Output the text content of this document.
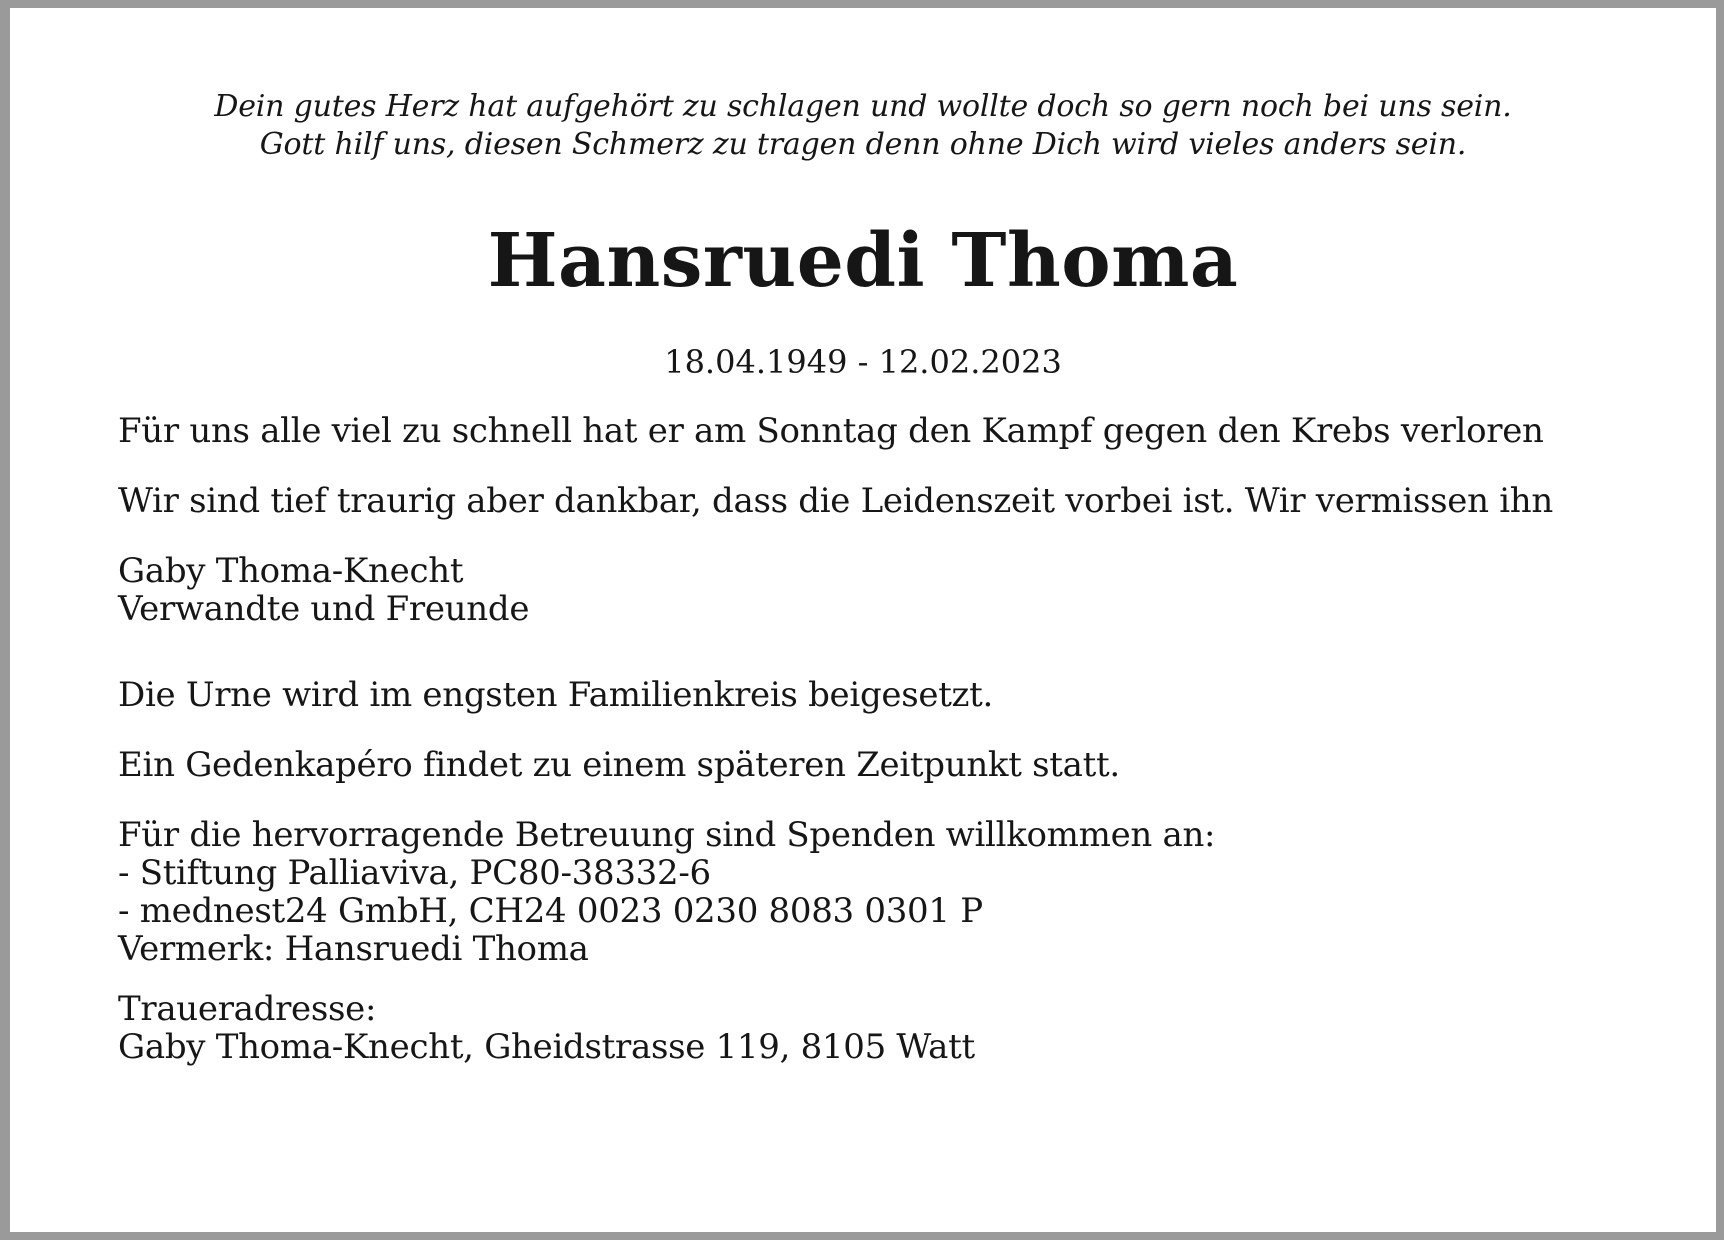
Dein gutes Herz hat aufgehört zu schlagen und wollte doch so gern noch bei uns sein.
Gott hilf uns, diesen Schmerz zu tragen denn ohne Dich wird vieles anders sein.
Hansruedi Thoma
18.04.1949 - 12.02.2023
Für uns alle viel zu schnell hat er am Sonntag den Kampf gegen den Krebs verloren
Wir sind tief traurig aber dankbar, dass die Leidenszeit vorbei ist. Wir vermissen ihn
Gaby Thoma-Knecht
Verwandte und Freunde
Die Urne wird im engsten Familienkreis beigesetzt.
Ein Gedenkapéro findet zu einem späteren Zeitpunkt statt.
Für die hervorragende Betreuung sind Spenden willkommen an:
- Stiftung Palliaviva, PC80-38332-6
- mednest24 GmbH, CH24 0023 0230 8083 0301 P
Vermerk: Hansruedi Thoma
Traueradresse:
Gaby Thoma-Knecht, Gheidstrasse 119, 8105 Watt
